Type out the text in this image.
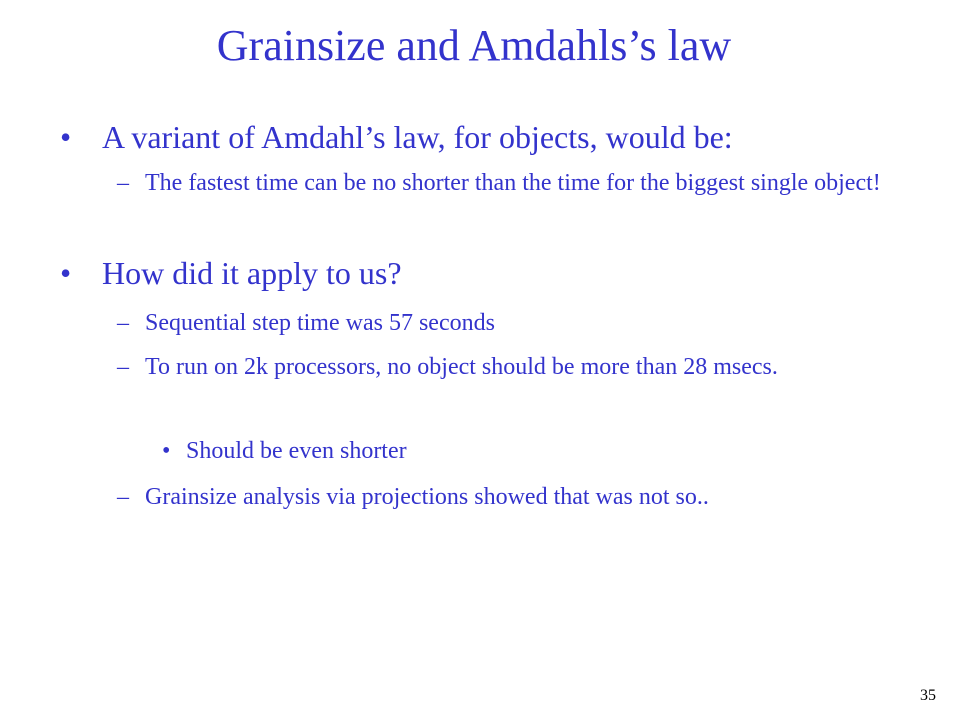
Grainsize and Amdahls’s law
• A variant of Amdahl’s law, for objects, would be:
– The fastest time can be no shorter than the time for the biggest single object!
• How did it apply to us?
– Sequential step time was 57 seconds
– To run on 2k processors, no object should be more than 28 msecs.
• Should be even shorter
– Grainsize analysis via projections showed that was not so..
35
